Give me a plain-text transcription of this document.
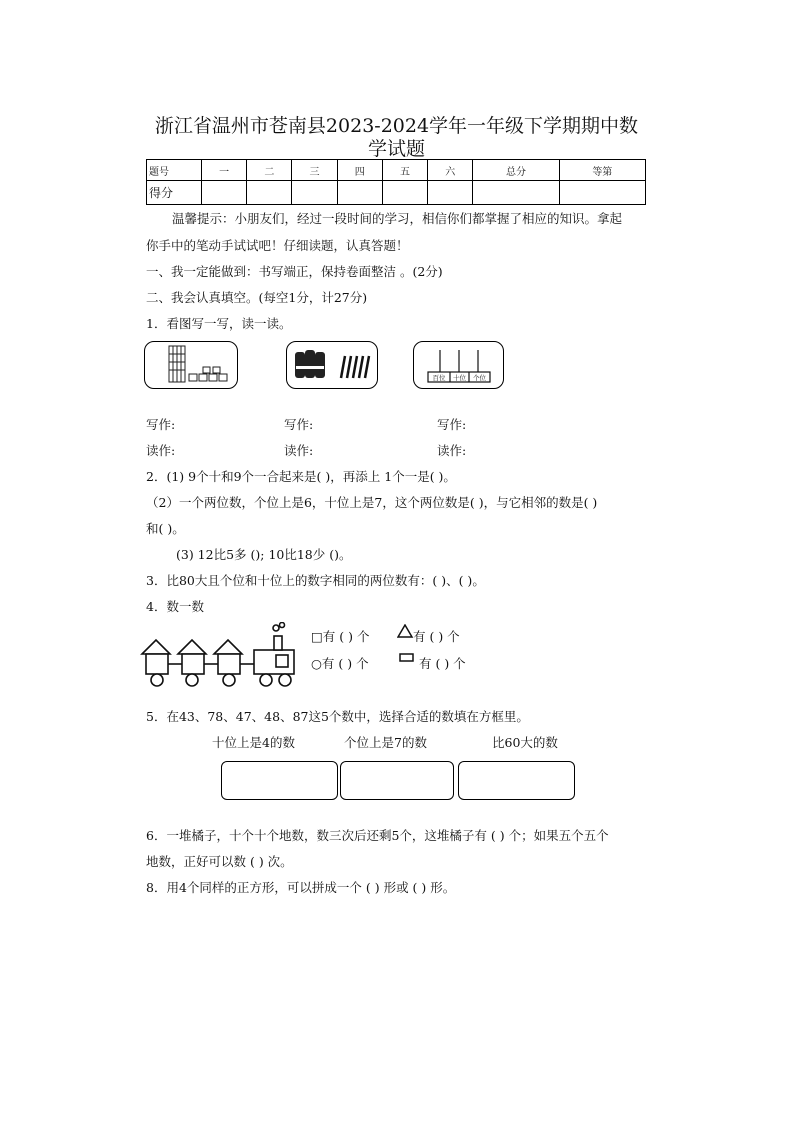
浙江省温州市苍南县2023-2024学年一年级下学期期中数
学试题
题号	一	二	三	四	五	六	总分	等第
得分								
温馨提示：小朋友们，经过一段时间的学习，相信你们都掌握了相应的知识。拿起
你手中的笔动手试试吧！仔细读题，认真答题！
一、我一定能做到：书写端正，保持卷面整洁 。(2分)
二、我会认真填空。(每空1分，计27分)
1．看图写一写，读一读。
百位	十位	个位
写作:	写作:	写作:
读作:	读作:	读作:
2．(1) 9个十和9个一合起来是( )，再添上 1个一是( )。
（2）一个两位数，个位上是6，十位上是7，这个两位数是( )，与它相邻的数是( )
和( )。
(3) 12比5多 (); 10比18少 ()。
3．比80大且个位和十位上的数字相同的两位数有：( )、( )。
4．数一数
□有 ( ) 个	有 ( ) 个
○有 ( ) 个	有 ( ) 个
5．在43、78、47、48、87这5个数中，选择合适的数填在方框里。
十位上是4的数	个位上是7的数	比60大的数
6．一堆橘子，十个十个地数，数三次后还剩5个，这堆橘子有 ( ) 个；如果五个五个
地数，正好可以数 ( ) 次。
8．用4个同样的正方形，可以拼成一个 ( ) 形或 ( ) 形。
